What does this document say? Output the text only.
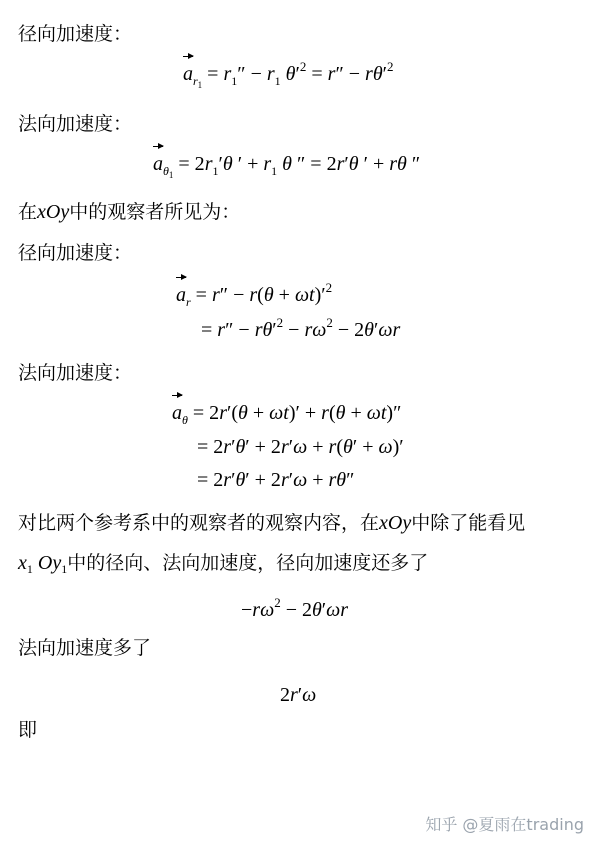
径向加速度：
$a_{r_1} = r_1'' - r_1$ $\theta'^2 = r'' - r\theta'^2$
法向加速度：
$a_{\theta_1} = 2r_1'\theta$ ′ + $r_1$ θ ″ = 2r′θ ′ + rθ ″
在xOy中的观察者所见为：
径向加速度：
$a_r = r'' - r(\theta + \omega t)'^2$
= $r'' - r\theta'^2 - r\omega^2 - 2\theta'\omega r$
法向加速度：
$a_\theta = 2r'(\theta + \omega t)' + r(\theta + \omega t)''$
= 2r′θ′ + 2r′ω + r(θ′ + ω)′
= 2r′θ′ + 2r′ω + rθ″
对比两个参考系中的观察者的观察内容，在xOy中除了能看见
$x_1$ $Oy_1$中的径向、法向加速度，径向加速度还多了
$-r\omega^2 - 2\theta'\omega r$
法向加速度多了
2r′ω
即
知乎 @夏雨在trading
